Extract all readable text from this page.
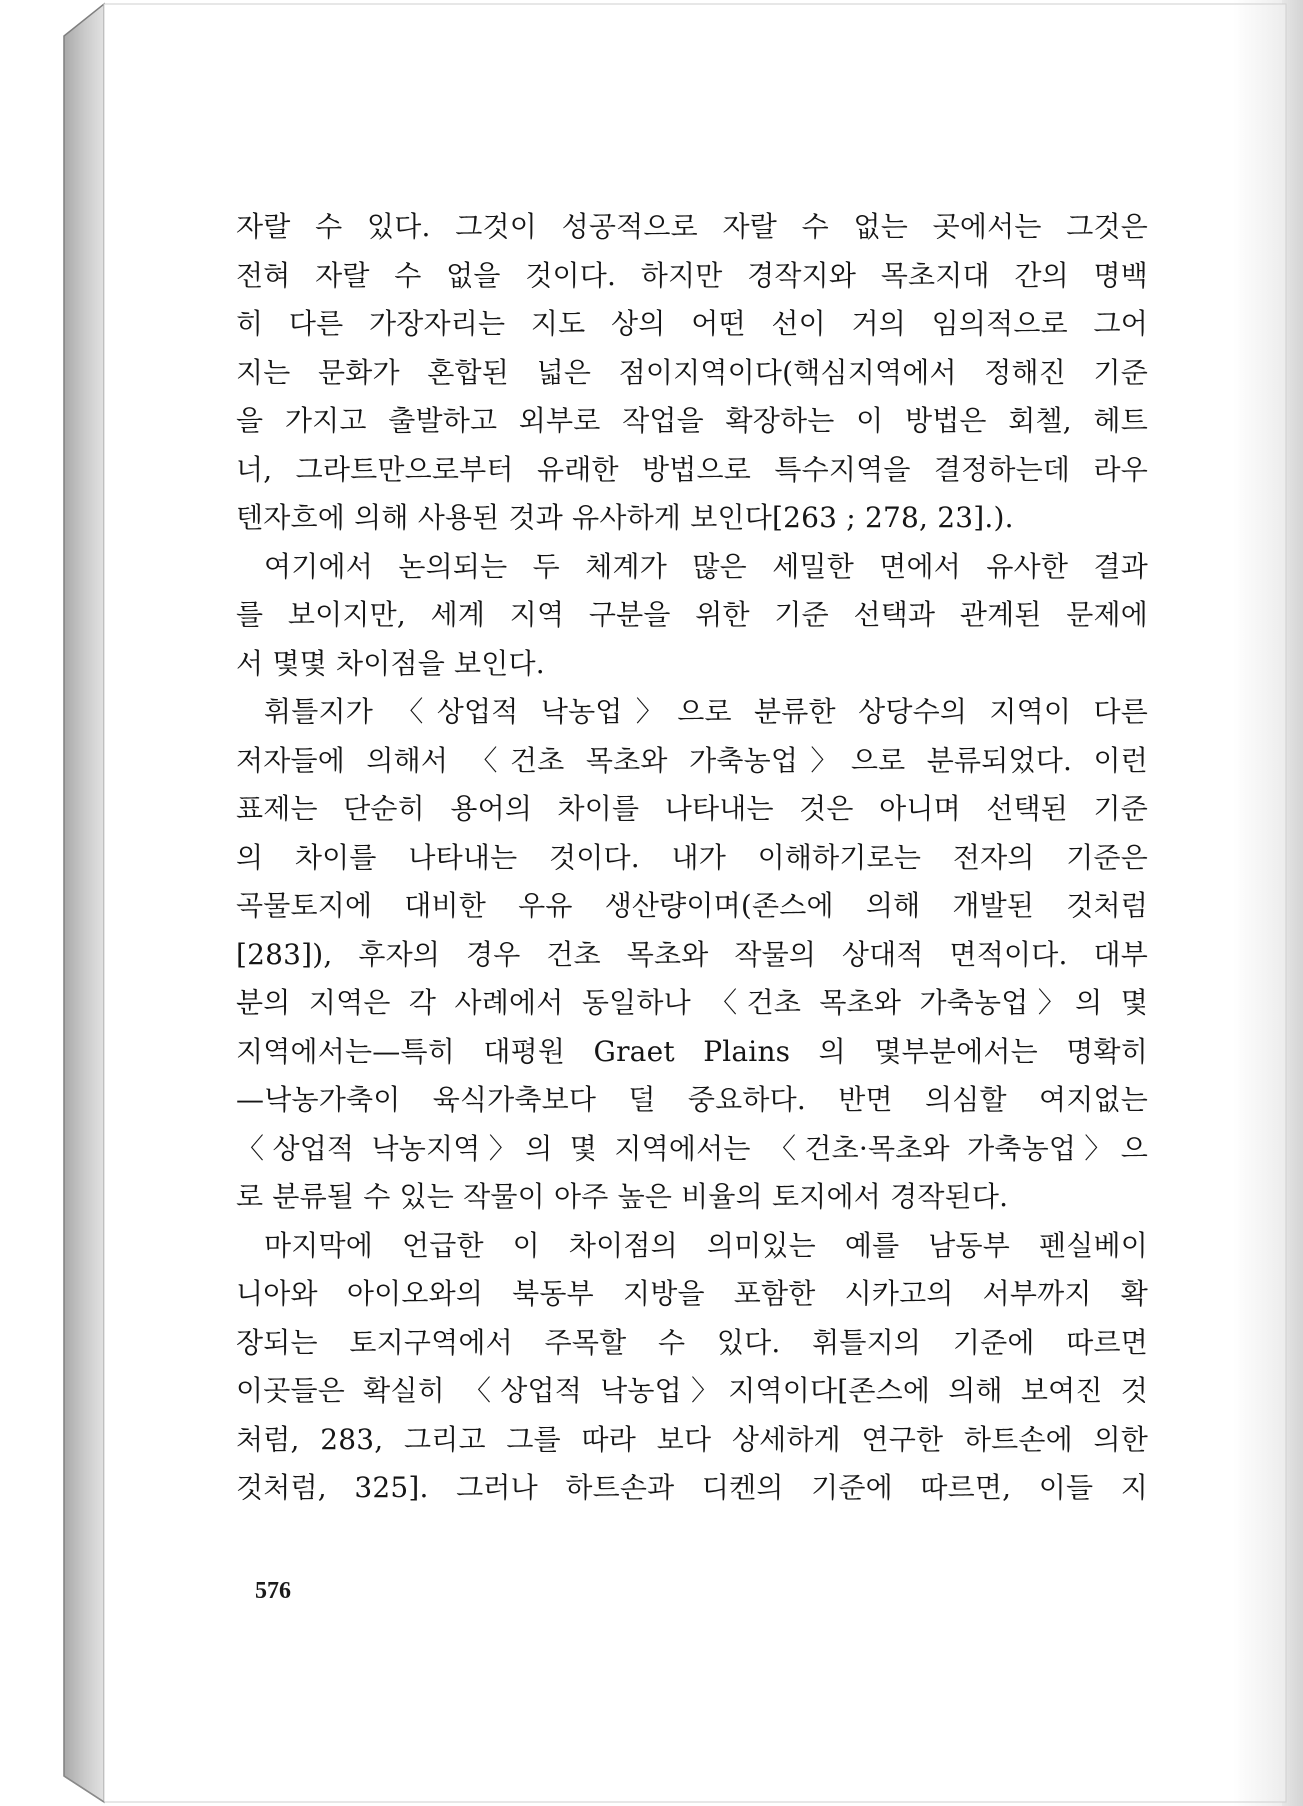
자랄 수 있다. 그것이 성공적으로 자랄 수 없는 곳에서는 그것은
전혀 자랄 수 없을 것이다. 하지만 경작지와 목초지대 간의 명백
히 다른 가장자리는 지도 상의 어떤 선이 거의 임의적으로 그어
지는 문화가 혼합된 넓은 점이지역이다(핵심지역에서 정해진 기준
을 가지고 출발하고 외부로 작업을 확장하는 이 방법은 회첼, 헤트
너, 그라트만으로부터 유래한 방법으로 특수지역을 결정하는데 라우
텐자흐에 의해 사용된 것과 유사하게 보인다[263 ; 278, 23].).
여기에서 논의되는 두 체계가 많은 세밀한 면에서 유사한 결과
를 보이지만, 세계 지역 구분을 위한 기준 선택과 관계된 문제에
서 몇몇 차이점을 보인다.
휘틀지가 〈상업적 낙농업〉으로 분류한 상당수의 지역이 다른
저자들에 의해서 〈건초 목초와 가축농업〉으로 분류되었다. 이런
표제는 단순히 용어의 차이를 나타내는 것은 아니며 선택된 기준
의 차이를 나타내는 것이다. 내가 이해하기로는 전자의 기준은
곡물토지에 대비한 우유 생산량이며(존스에 의해 개발된 것처럼
[283]), 후자의 경우 건초 목초와 작물의 상대적 면적이다. 대부
분의 지역은 각 사례에서 동일하나 〈건초 목초와 가축농업〉의 몇
지역에서는—특히 대평원 Graet Plains 의 몇부분에서는 명확히
—낙농가축이 육식가축보다 덜 중요하다. 반면 의심할 여지없는
〈상업적 낙농지역〉의 몇 지역에서는 〈건초·목초와 가축농업〉으
로 분류될 수 있는 작물이 아주 높은 비율의 토지에서 경작된다.
마지막에 언급한 이 차이점의 의미있는 예를 남동부 펜실베이
니아와 아이오와의 북동부 지방을 포함한 시카고의 서부까지 확
장되는 토지구역에서 주목할 수 있다. 휘틀지의 기준에 따르면
이곳들은 확실히 〈상업적 낙농업〉지역이다[존스에 의해 보여진 것
처럼, 283, 그리고 그를 따라 보다 상세하게 연구한 하트손에 의한
것처럼, 325]. 그러나 하트손과 디켄의 기준에 따르면, 이들 지
576
